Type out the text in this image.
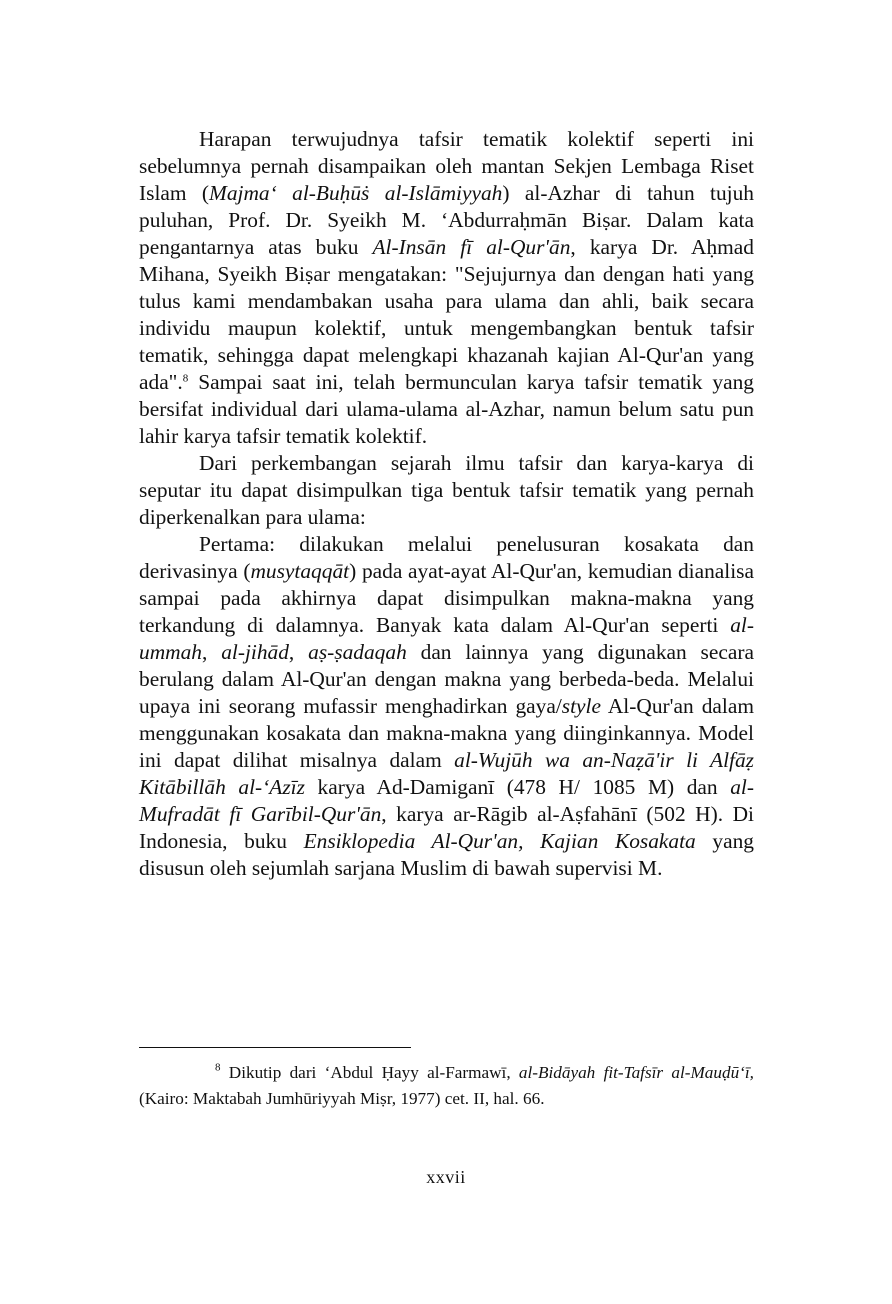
Harapan terwujudnya tafsir tematik kolektif seperti ini sebelumnya pernah disampaikan oleh mantan Sekjen Lembaga Riset Islam (Majma‘ al-Buḥūṡ al-Islāmiyyah) al-Azhar di tahun tujuh puluhan, Prof. Dr. Syeikh M. ‘Abdurraḥmān Biṣar. Dalam kata pengantarnya atas buku Al-Insān fī al-Qur'ān, karya Dr. Aḥmad Mihana, Syeikh Biṣar mengatakan: "Sejujurnya dan dengan hati yang tulus kami mendambakan usaha para ulama dan ahli, baik secara individu maupun kolektif, untuk mengembangkan bentuk tafsir tematik, sehingga dapat melengkapi khazanah kajian Al-Qur'an yang ada".$^8$ Sampai saat ini, telah bermunculan karya tafsir tematik yang bersifat individual dari ulama-ulama al-Azhar, namun belum satu pun lahir karya tafsir tematik kolektif.

Dari perkembangan sejarah ilmu tafsir dan karya-karya di seputar itu dapat disimpulkan tiga bentuk tafsir tematik yang pernah diperkenalkan para ulama:

Pertama: dilakukan melalui penelusuran kosakata dan derivasinya (musytaqqāt) pada ayat-ayat Al-Qur'an, kemudian dianalisa sampai pada akhirnya dapat disimpulkan makna-makna yang terkandung di dalamnya. Banyak kata dalam Al-Qur'an seperti al-ummah, al-jihād, aṣ-ṣadaqah dan lainnya yang digunakan secara berulang dalam Al-Qur'an dengan makna yang berbeda-beda. Melalui upaya ini seorang mufassir menghadirkan gaya/style Al-Qur'an dalam menggunakan kosakata dan makna-makna yang diinginkannya. Model ini dapat dilihat misalnya dalam al-Wujūh wa an-Naẓā'ir li Alfāẓ Kitābillāh al-‘Azīz karya Ad-Damiganī (478 H/ 1085 M) dan al-Mufradāt fī Garībil-Qur'ān, karya ar-Rāgib al-Aṣfahānī (502 H). Di Indonesia, buku Ensiklopedia Al-Qur'an, Kajian Kosakata yang disusun oleh sejumlah sarjana Muslim di bawah supervisi M.

$^8$ Dikutip dari ‘Abdul Ḥayy al-Farmawī, al-Bidāyah fit-Tafsīr al-Mauḍū‘ī, (Kairo: Maktabah Jumhūriyyah Miṣr, 1977) cet. II, hal. 66.

xxvii
